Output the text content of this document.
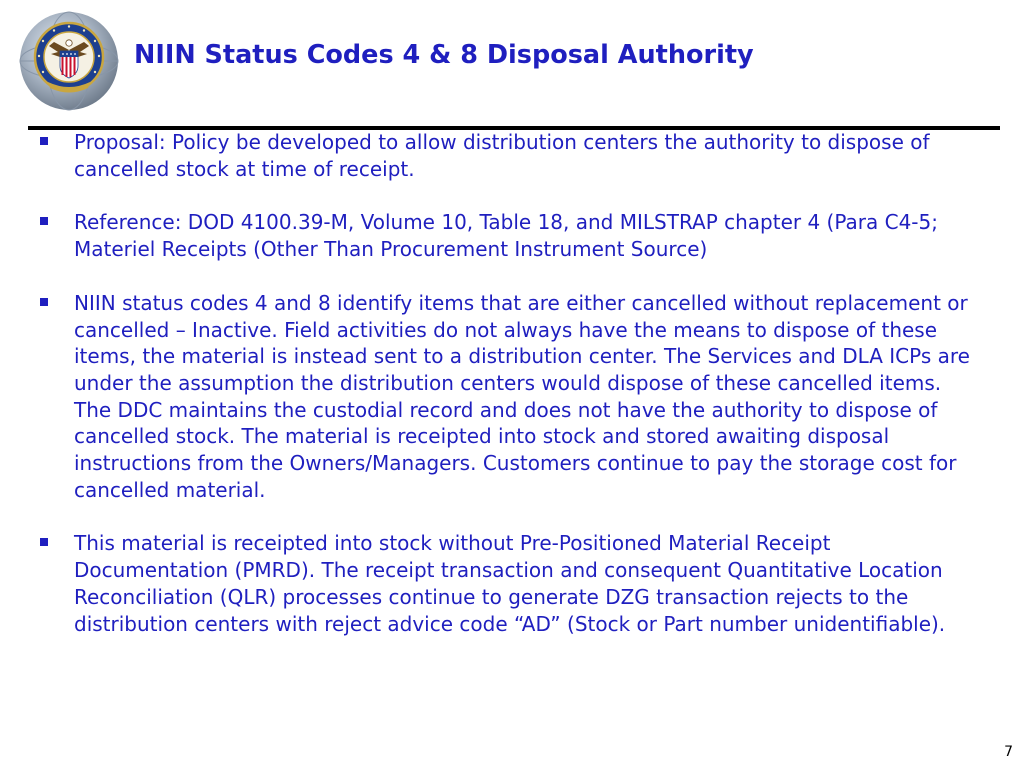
NIIN Status Codes 4 & 8 Disposal Authority
Proposal: Policy be developed to allow distribution centers the authority to dispose of cancelled stock at time of receipt.
Reference: DOD 4100.39-M, Volume 10, Table 18, and MILSTRAP chapter 4 (Para C4-5; Materiel Receipts (Other Than Procurement Instrument Source)
NIIN status codes 4 and 8 identify items that are either cancelled without replacement or cancelled – Inactive. Field activities do not always have the means to dispose of these items, the material is instead sent to a distribution center. The Services and DLA ICPs are under the assumption the distribution centers would dispose of these cancelled items. The DDC maintains the custodial record and does not have the authority to dispose of cancelled stock. The material is receipted into stock and stored awaiting disposal instructions from the Owners/Managers. Customers continue to pay the storage cost for cancelled material.
This material is receipted into stock without Pre-Positioned Material Receipt Documentation (PMRD). The receipt transaction and consequent Quantitative Location Reconciliation (QLR) processes continue to generate DZG transaction rejects to the distribution centers with reject advice code “AD” (Stock or Part number unidentifiable).
7
